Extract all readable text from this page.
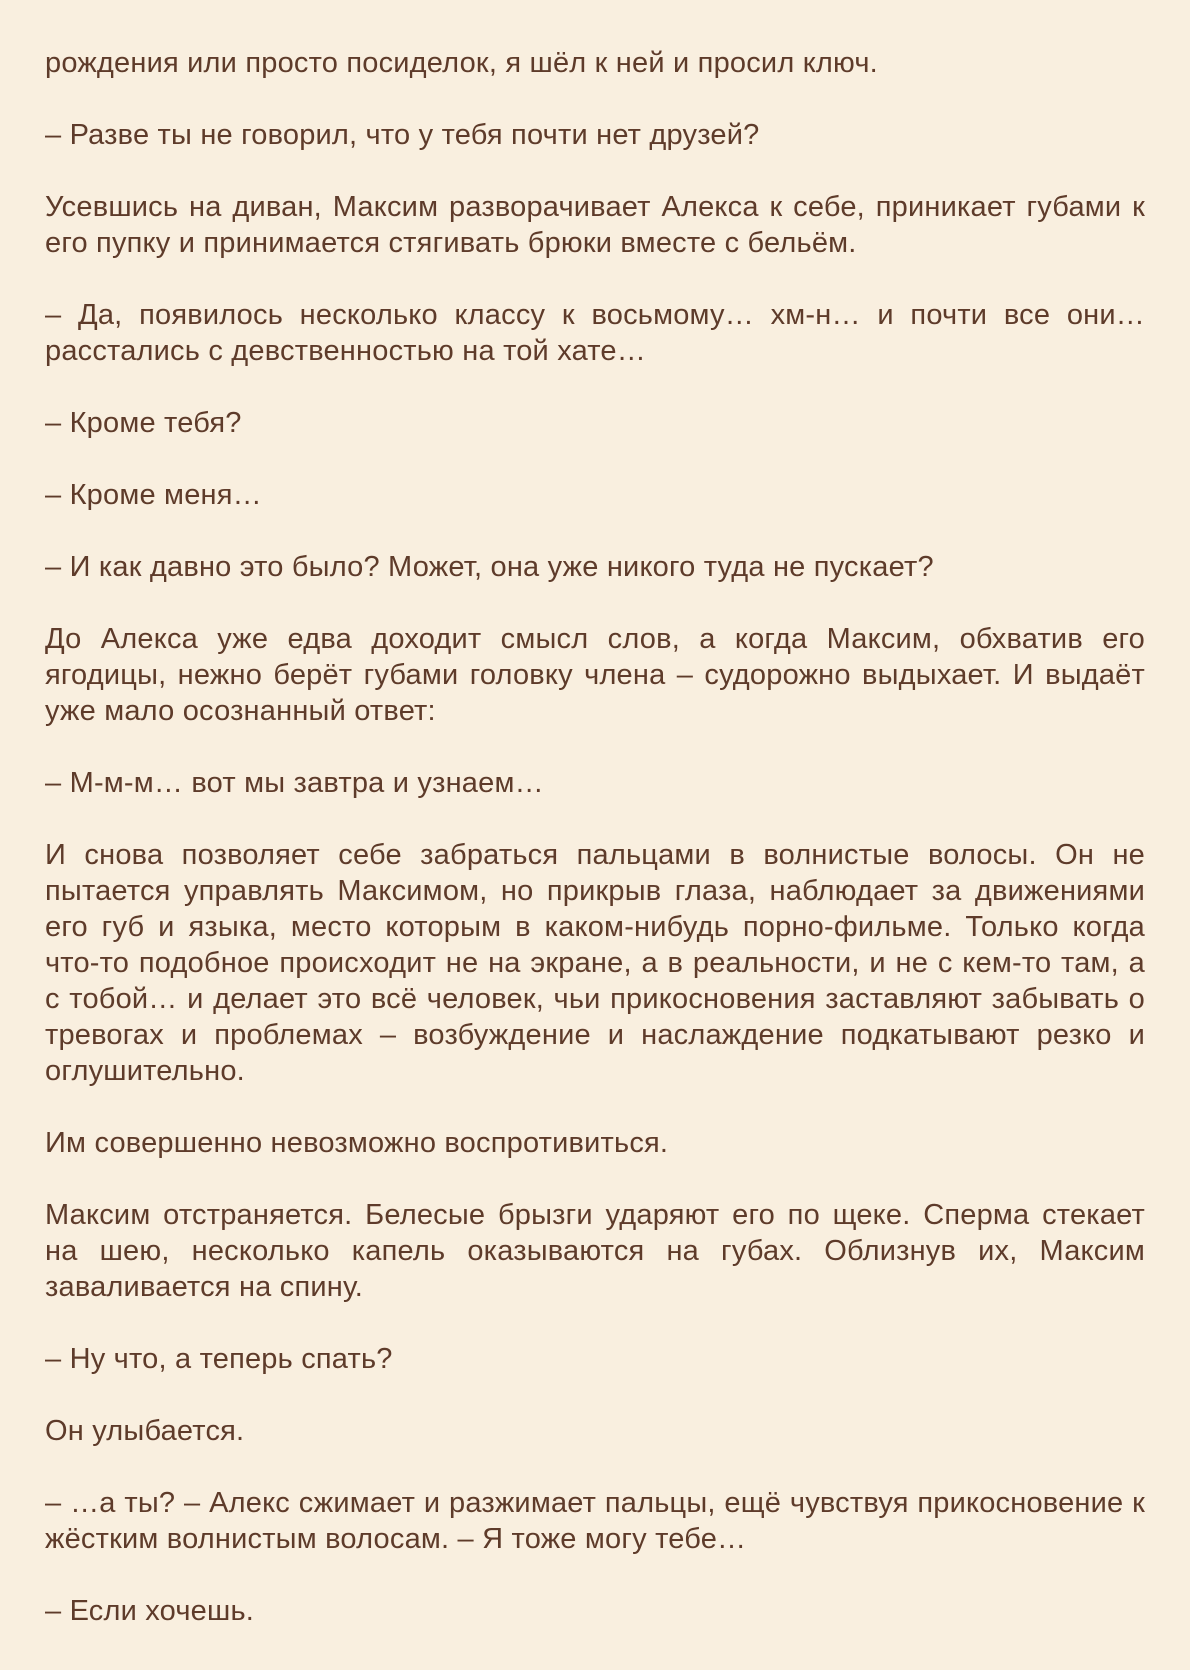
рождения или просто посиделок, я шёл к ней и просил ключ.

– Разве ты не говорил, что у тебя почти нет друзей?

Усевшись на диван, Максим разворачивает Алекса к себе, приникает губами к его пупку и принимается стягивать брюки вместе с бельём.

– Да, появилось несколько классу к восьмому… хм-н… и почти все они… расстались с девственностью на той хате…

– Кроме тебя?

– Кроме меня…

– И как давно это было? Может, она уже никого туда не пускает?

До Алекса уже едва доходит смысл слов, а когда Максим, обхватив его ягодицы, нежно берёт губами головку члена – судорожно выдыхает. И выдаёт уже мало осознанный ответ:

– М-м-м… вот мы завтра и узнаем…

И снова позволяет себе забраться пальцами в волнистые волосы. Он не пытается управлять Максимом, но прикрыв глаза, наблюдает за движениями его губ и языка, место которым в каком-нибудь порно-фильме. Только когда что-то подобное происходит не на экране, а в реальности, и не с кем-то там, а с тобой… и делает это всё человек, чьи прикосновения заставляют забывать о тревогах и проблемах – возбуждение и наслаждение подкатывают резко и оглушительно.

Им совершенно невозможно воспротивиться.

Максим отстраняется. Белесые брызги ударяют его по щеке. Сперма стекает на шею, несколько капель оказываются на губах. Облизнув их, Максим заваливается на спину.

– Ну что, а теперь спать?

Он улыбается.

– …а ты? – Алекс сжимает и разжимает пальцы, ещё чувствуя прикосновение к жёстким волнистым волосам. – Я тоже могу тебе…

– Если хочешь.
